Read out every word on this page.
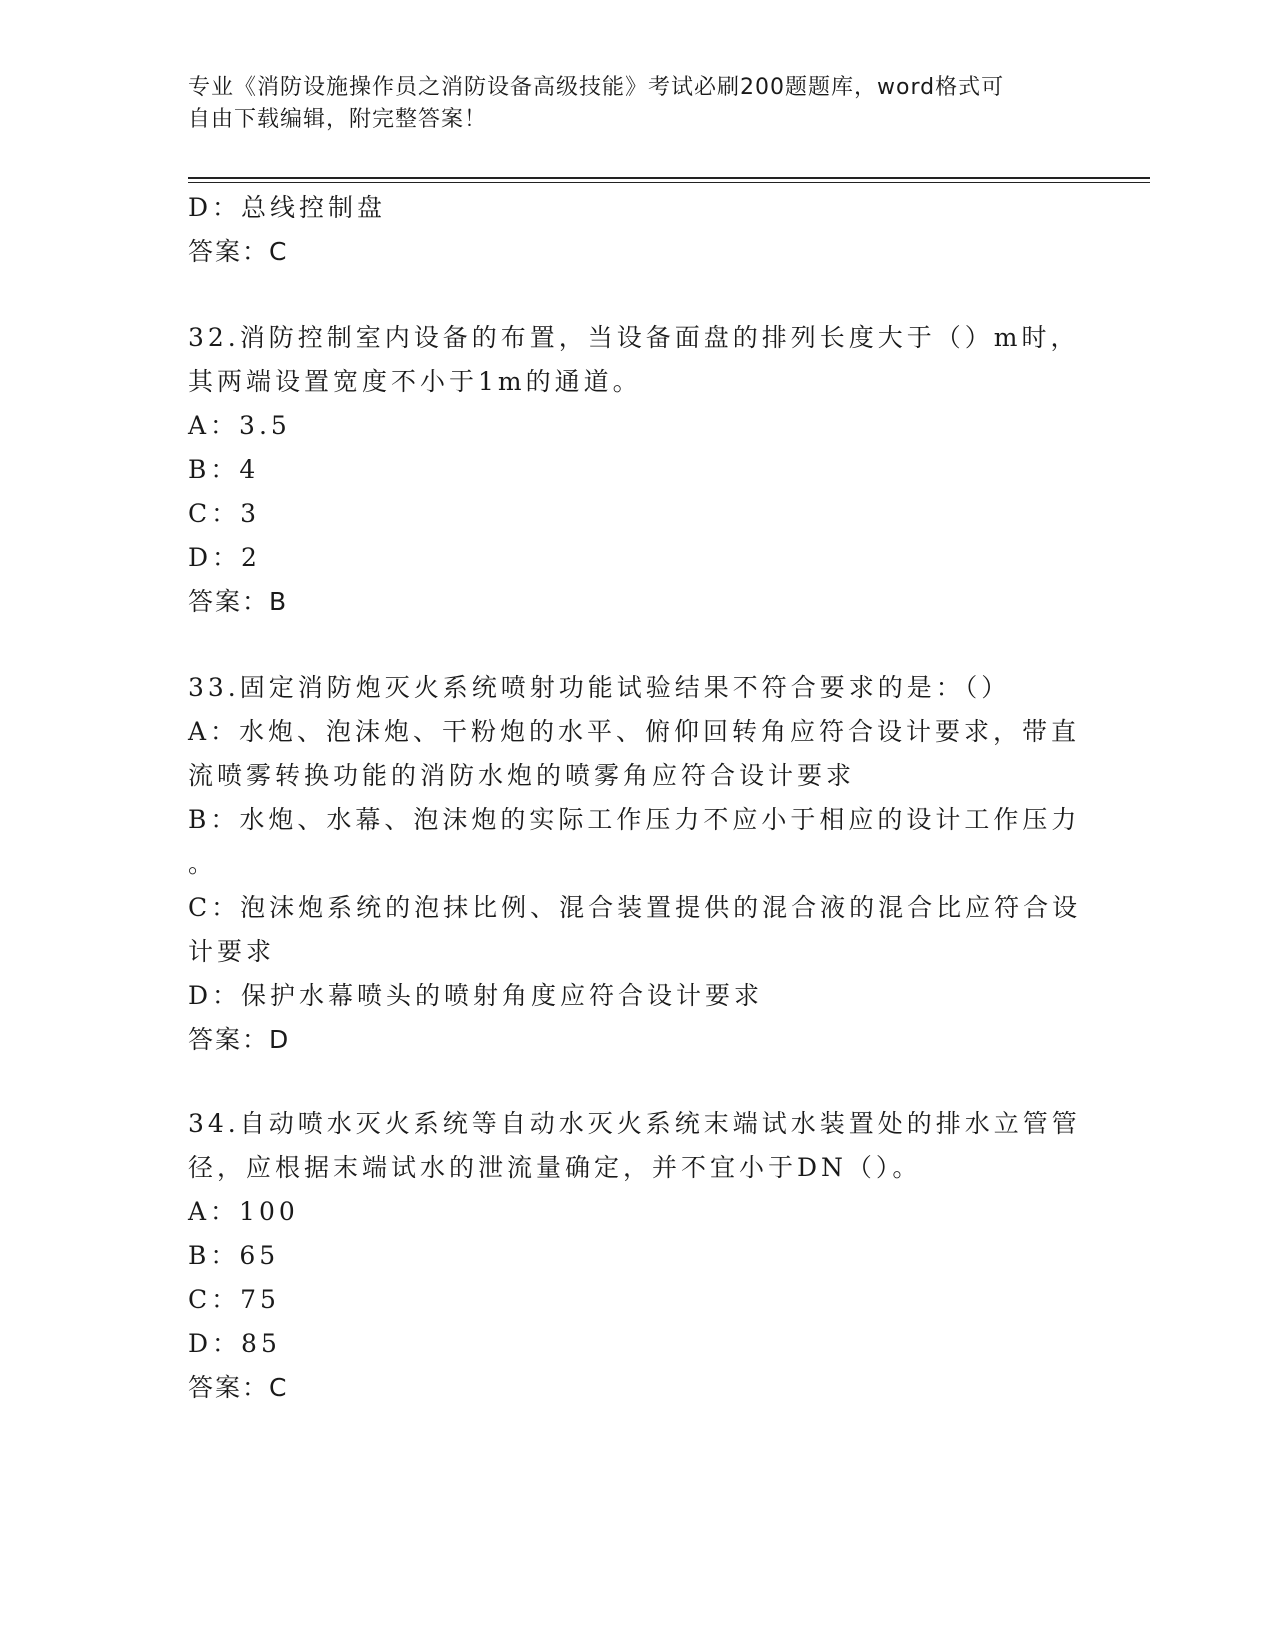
专业《消防设施操作员之消防设备高级技能》考试必刷200题题库，word格式可
自由下载编辑，附完整答案！
D：总线控制盘
答案：C
32.消防控制室内设备的布置，当设备面盘的排列长度大于（）m时，
其两端设置宽度不小于1m的通道。
A：3.5
B：4
C：3
D：2
答案：B
33.固定消防炮灭火系统喷射功能试验结果不符合要求的是：（）
A：水炮、泡沫炮、干粉炮的水平、俯仰回转角应符合设计要求，带直
流喷雾转换功能的消防水炮的喷雾角应符合设计要求
B：水炮、水幕、泡沫炮的实际工作压力不应小于相应的设计工作压力
。
C：泡沫炮系统的泡抹比例、混合装置提供的混合液的混合比应符合设
计要求
D：保护水幕喷头的喷射角度应符合设计要求
答案：D
34.自动喷水灭火系统等自动水灭火系统末端试水装置处的排水立管管
径，应根据末端试水的泄流量确定，并不宜小于DN（）。
A：100
B：65
C：75
D：85
答案：C
